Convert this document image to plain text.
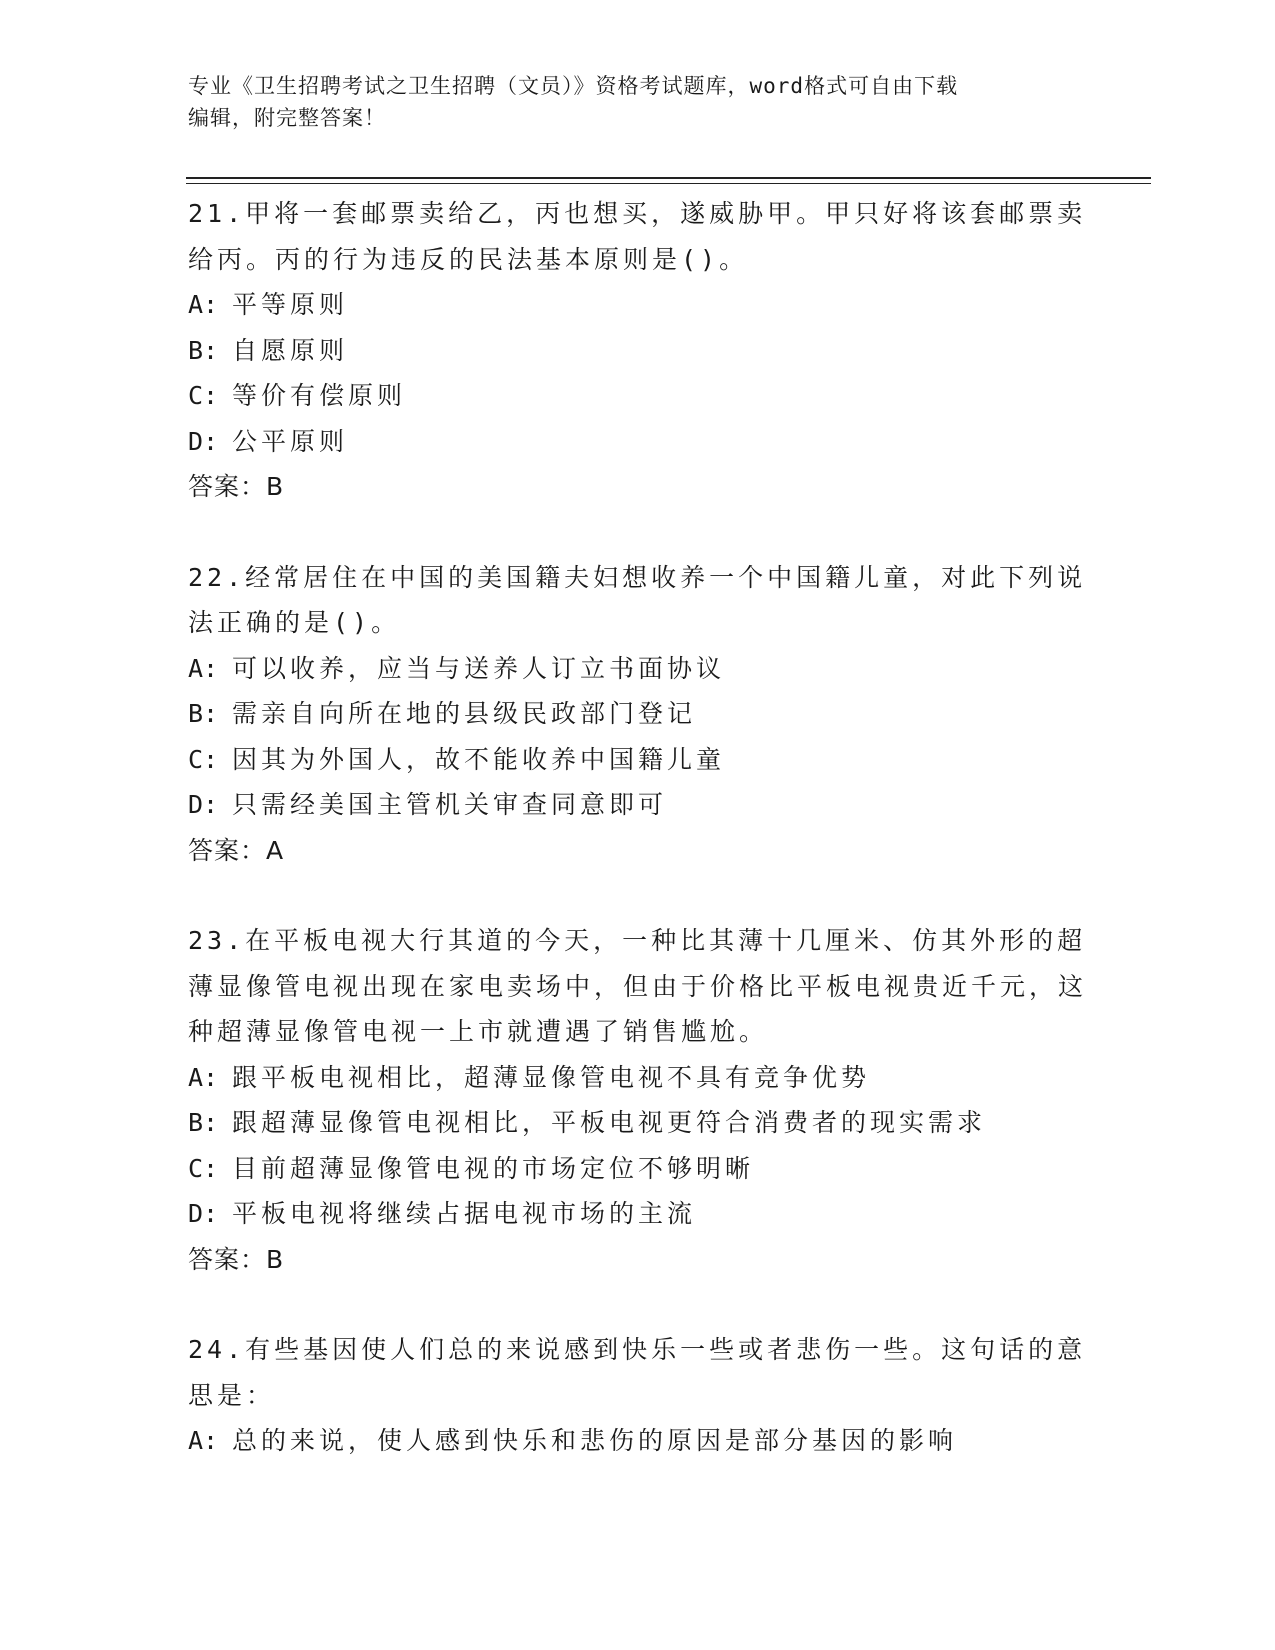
专业《卫生招聘考试之卫生招聘（文员）》资格考试题库，word格式可自由下载
编辑，附完整答案！

21.甲将一套邮票卖给乙，丙也想买，遂威胁甲。甲只好将该套邮票卖给丙。丙的行为违反的民法基本原则是()。

A: 平等原则
B: 自愿原则
C: 等价有偿原则
D: 公平原则
答案：B

22.经常居住在中国的美国籍夫妇想收养一个中国籍儿童，对此下列说法正确的是()。

A: 可以收养，应当与送养人订立书面协议
B: 需亲自向所在地的县级民政部门登记
C: 因其为外国人，故不能收养中国籍儿童
D: 只需经美国主管机关审查同意即可
答案：A

23.在平板电视大行其道的今天，一种比其薄十几厘米、仿其外形的超薄显像管电视出现在家电卖场中，但由于价格比平板电视贵近千元，这种超薄显像管电视一上市就遭遇了销售尴尬。

A: 跟平板电视相比，超薄显像管电视不具有竞争优势
B: 跟超薄显像管电视相比，平板电视更符合消费者的现实需求
C: 目前超薄显像管电视的市场定位不够明晰
D: 平板电视将继续占据电视市场的主流
答案：B

24.有些基因使人们总的来说感到快乐一些或者悲伤一些。这句话的意思是：

A: 总的来说，使人感到快乐和悲伤的原因是部分基因的影响
